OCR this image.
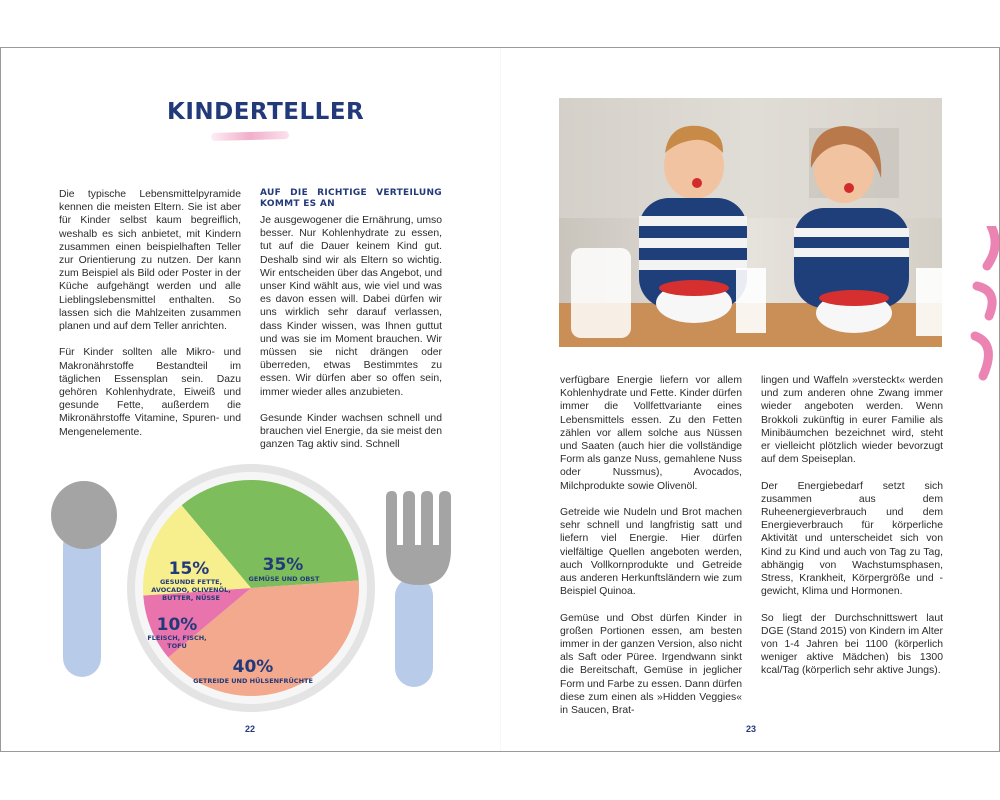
KINDERTELLER

Die typische Lebensmittelpyramide kennen die meisten Eltern. Sie ist aber für Kinder selbst kaum begreiflich, weshalb es sich anbietet, mit Kindern zusammen einen beispielhaften Teller zur Orientierung zu nutzen. Der kann zum Beispiel als Bild oder Poster in der Küche aufgehängt werden und alle Lieblingslebensmittel enthalten. So lassen sich die Mahlzeiten zusammen planen und auf dem Teller anrichten.

Für Kinder sollten alle Mikro- und Makronährstoffe Bestandteil im täglichen Essensplan sein. Dazu gehören Kohlenhydrate, Eiweiß und gesunde Fette, außerdem die Mikronährstoffe Vitamine, Spuren- und Mengenelemente.

AUF DIE RICHTIGE VERTEILUNG KOMMT ES AN

Je ausgewogener die Ernährung, umso besser. Nur Kohlenhydrate zu essen, tut auf die Dauer keinem Kind gut. Deshalb sind wir als Eltern so wichtig. Wir entscheiden über das Angebot, und unser Kind wählt aus, wie viel und was es davon essen will. Dabei dürfen wir uns wirklich sehr darauf verlassen, dass Kinder wissen, was Ihnen guttut und was sie im Moment brauchen. Wir müssen sie nicht drängen oder überreden, etwas Bestimmtes zu essen. Wir dürfen aber so offen sein, immer wieder alles anzubieten.

Gesunde Kinder wachsen schnell und brauchen viel Energie, da sie meist den ganzen Tag aktiv sind. Schnell

35%
GEMÜSE UND OBST
40%
GETREIDE UND HÜLSENFRÜCHTE
10%
FLEISCH, FISCH,
TOFU
15%
GESUNDE FETTE,
AVOCADO, OLIVENÖL,
BUTTER, NÜSSE
22

verfügbare Energie liefern vor allem Kohlenhydrate und Fette. Kinder dürfen immer die Vollfettvariante eines Lebensmittels essen. Zu den Fetten zählen vor allem solche aus Nüssen und Saaten (auch hier die vollständige Form als ganze Nuss, gemahlene Nuss oder Nussmus), Avocados, Milchprodukte sowie Olivenöl.

Getreide wie Nudeln und Brot machen sehr schnell und langfristig satt und liefern viel Energie. Hier dürfen vielfältige Quellen angeboten werden, auch Vollkornprodukte und Getreide aus anderen Herkunftsländern wie zum Beispiel Quinoa.

Gemüse und Obst dürfen Kinder in großen Portionen essen, am besten immer in der ganzen Version, also nicht als Saft oder Püree. Irgendwann sinkt die Bereitschaft, Gemüse in jeglicher Form und Farbe zu essen. Dann dürfen diese zum einen als »Hidden Veggies« in Saucen, Brat-

lingen und Waffeln »versteckt« werden und zum anderen ohne Zwang immer wieder angeboten werden. Wenn Brokkoli zukünftig in eurer Familie als Minibäumchen bezeichnet wird, steht er vielleicht plötzlich wieder bevorzugt auf dem Speiseplan.

Der Energiebedarf setzt sich zusammen aus dem Ruheenergieverbrauch und dem Energieverbrauch für körperliche Aktivität und unterscheidet sich von Kind zu Kind und auch von Tag zu Tag, abhängig von Wachstumsphasen, Stress, Krankheit, Körpergröße und -gewicht, Klima und Hormonen.

So liegt der Durchschnittswert laut DGE (Stand 2015) von Kindern im Alter von 1-4 Jahren bei 1100 (körperlich weniger aktive Mädchen) bis 1300 kcal/Tag (körperlich sehr aktive Jungs).

23
